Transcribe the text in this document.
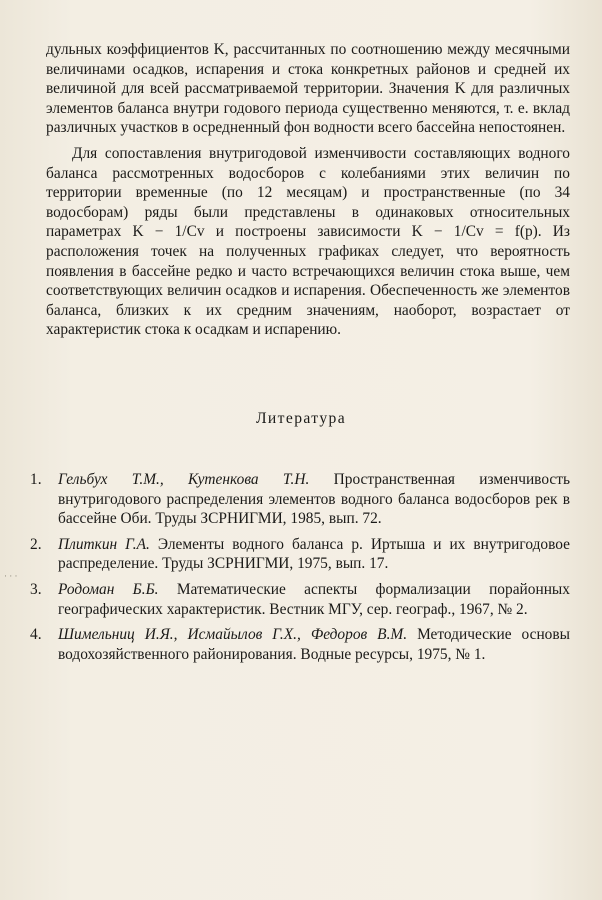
дульных коэффициентов K, рассчитанных по соотношению между месячными величинами осадков, испарения и стока конкретных районов и средней их величиной для всей рассматриваемой территории. Значения K для различных элементов баланса внутри годового периода существенно меняются, т. е. вклад различных участков в осредненный фон водности всего бассейна непостоянен.

Для сопоставления внутригодовой изменчивости составляющих водного баланса рассмотренных водосборов с колебаниями этих величин по территории временные (по 12 месяцам) и пространственные (по 34 водосборам) ряды были представлены в одинаковых относительных параметрах K − 1/Cv и построены зависимости K − 1/Cv = f(p). Из расположения точек на полученных графиках следует, что вероятность появления в бассейне редко и часто встречающихся величин стока выше, чем соответствующих величин осадков и испарения. Обеспеченность же элементов баланса, близких к их средним значениям, наоборот, возрастает от характеристик стока к осадкам и испарению.

Литература
1.	Гельбух Т.М., Кутенкова Т.Н. Пространственная изменчивость внутригодового распределения элементов водного баланса водосборов рек в бассейне Оби. Труды ЗСРНИГМИ, 1985, вып. 72.
2.	Плиткин Г.А. Элементы водного баланса р. Иртыша и их внутригодовое распределение. Труды ЗСРНИГМИ, 1975, вып. 17.
3.	Родоман Б.Б. Математические аспекты формализации порайонных географических характеристик. Вестник МГУ, сер. географ., 1967, № 2.
4.	Шимельниц И.Я., Исмайылов Г.Х., Федоров В.М. Методические основы водохозяйственного районирования. Водные ресурсы, 1975, № 1.
· · ·
